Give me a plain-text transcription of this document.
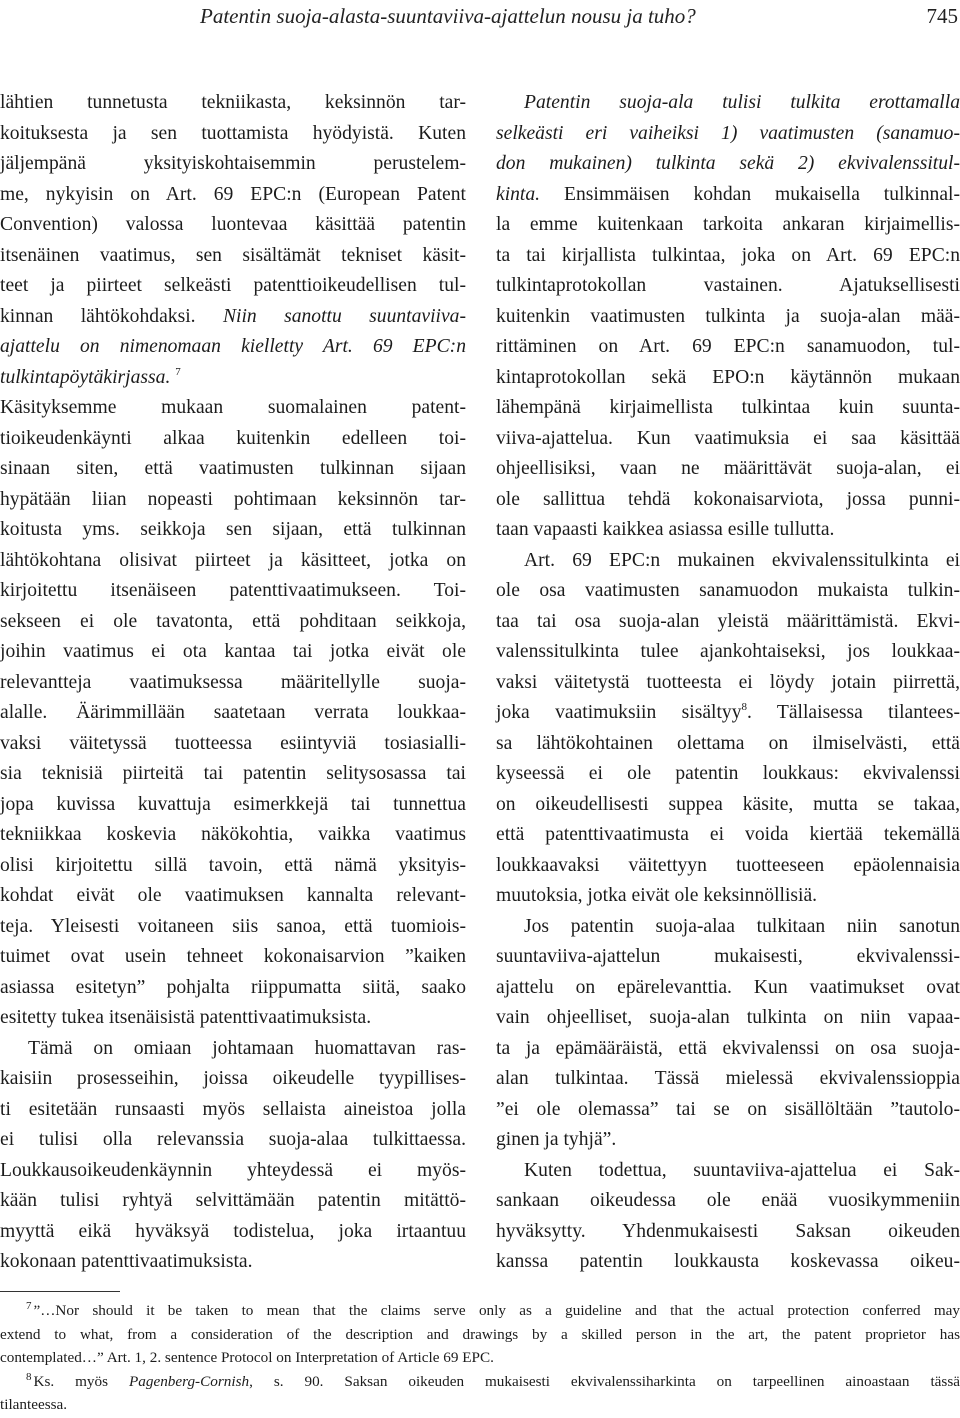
Patentin suoja-alasta-suuntaviiva-ajattelun nousu ja tuho?	745
lähtien tunnetusta tekniikasta, keksinnön tar-
koituksesta ja sen tuottamista hyödyistä. Kuten
jäljempänä yksityiskohtaisemmin perustelem-
me, nykyisin on Art. 69 EPC:n (European Patent
Convention) valossa luontevaa käsittää patentin
itsenäinen vaatimus, sen sisältämät tekniset käsit-
teet ja piirteet selkeästi patenttioikeudellisen tul-
kinnan lähtökohdaksi. Niin sanottu suuntaviiva-
ajattelu on nimenomaan kielletty Art. 69 EPC:n
tulkintapöytäkirjassa. $^7$
Käsityksemme mukaan suomalainen patent-
tioikeudenkäynti alkaa kuitenkin edelleen toi-
sinaan siten, että vaatimusten tulkinnan sijaan
hypätään liian nopeasti pohtimaan keksinnön tar-
koitusta yms. seikkoja sen sijaan, että tulkinnan
lähtökohtana olisivat piirteet ja käsitteet, jotka on
kirjoitettu itsenäiseen patenttivaatimukseen. Toi-
sekseen ei ole tavatonta, että pohditaan seikkoja,
joihin vaatimus ei ota kantaa tai jotka eivät ole
relevantteja vaatimuksessa määritellylle suoja-
alalle. Äärimmillään saatetaan verrata loukkaa-
vaksi väitetyssä tuotteessa esiintyviä tosiasialli-
sia teknisiä piirteitä tai patentin selitysosassa tai
jopa kuvissa kuvattuja esimerkkejä tai tunnettua
tekniikkaa koskevia näkökohtia, vaikka vaatimus
olisi kirjoitettu sillä tavoin, että nämä yksityis-
kohdat eivät ole vaatimuksen kannalta relevant-
teja. Yleisesti voitaneen siis sanoa, että tuomiois-
tuimet ovat usein tehneet kokonaisarvion ”kaiken
asiassa esitetyn” pohjalta riippumatta siitä, saako
esitetty tukea itsenäisistä patenttivaatimuksista.
Tämä on omiaan johtamaan huomattavan ras-
kaisiin prosesseihin, joissa oikeudelle tyypillises-
ti esitetään runsaasti myös sellaista aineistoa jolla
ei tulisi olla relevanssia suoja-alaa tulkittaessa.
Loukkausoikeudenkäynnin yhteydessä ei myös-
kään tulisi ryhtyä selvittämään patentin mitättö-
myyttä eikä hyväksyä todistelua, joka irtaantuu
kokonaan patenttivaatimuksista.
Patentin suoja-ala tulisi tulkita erottamalla
selkeästi eri vaiheiksi 1) vaatimusten (sanamuo-
don mukainen) tulkinta sekä 2) ekvivalenssitul-
kinta. Ensimmäisen kohdan mukaisella tulkinnal-
la emme kuitenkaan tarkoita ankaran kirjaimellis-
ta tai kirjallista tulkintaa, joka on Art. 69 EPC:n
tulkintaprotokollan vastainen. Ajatuksellisesti
kuitenkin vaatimusten tulkinta ja suoja-alan mää-
rittäminen on Art. 69 EPC:n sanamuodon, tul-
kintaprotokollan sekä EPO:n käytännön mukaan
lähempänä kirjaimellista tulkintaa kuin suunta-
viiva-ajattelua. Kun vaatimuksia ei saa käsittää
ohjeellisiksi, vaan ne määrittävät suoja-alan, ei
ole sallittua tehdä kokonaisarviota, jossa punni-
taan vapaasti kaikkea asiassa esille tullutta.
Art. 69 EPC:n mukainen ekvivalenssitulkinta ei
ole osa vaatimusten sanamuodon mukaista tulkin-
taa tai osa suoja-alan yleistä määrittämistä. Ekvi-
valenssitulkinta tulee ajankohtaiseksi, jos loukkaa-
vaksi väitetystä tuotteesta ei löydy jotain piirrettä,
joka vaatimuksiin sisältyy$^8$. Tällaisessa tilantees-
sa lähtökohtainen olettama on ilmiselvästi, että
kyseessä ei ole patentin loukkaus: ekvivalenssi
on oikeudellisesti suppea käsite, mutta se takaa,
että patenttivaatimusta ei voida kiertää tekemällä
loukkaavaksi väitettyyn tuotteeseen epäolennaisia
muutoksia, jotka eivät ole keksinnöllisiä.
Jos patentin suoja-alaa tulkitaan niin sanotun
suuntaviiva-ajattelun mukaisesti, ekvivalenssi-
ajattelu on epärelevanttia. Kun vaatimukset ovat
vain ohjeelliset, suoja-alan tulkinta on niin vapaa-
ta ja epämääräistä, että ekvivalenssi on osa suoja-
alan tulkintaa. Tässä mielessä ekvivalenssioppia
”ei ole olemassa” tai se on sisällöltään ”tautolo-
ginen ja tyhjä”.
Kuten todettua, suuntaviiva-ajattelua ei Sak-
sankaan oikeudessa ole enää vuosikymmeniin
hyväksytty. Yhdenmukaisesti Saksan oikeuden
kanssa patentin loukkausta koskevassa oikeu-
7 ”…Nor should it be taken to mean that the claims serve only as a guideline and that the actual protection conferred may
extend to what, from a consideration of the description and drawings by a skilled person in the art, the patent proprietor has
contemplated…” Art. 1, 2. sentence Protocol on Interpretation of Article 69 EPC.
8 Ks. myös Pagenberg-Cornish, s. 90. Saksan oikeuden mukaisesti ekvivalenssiharkinta on tarpeellinen ainoastaan tässä
tilanteessa.
